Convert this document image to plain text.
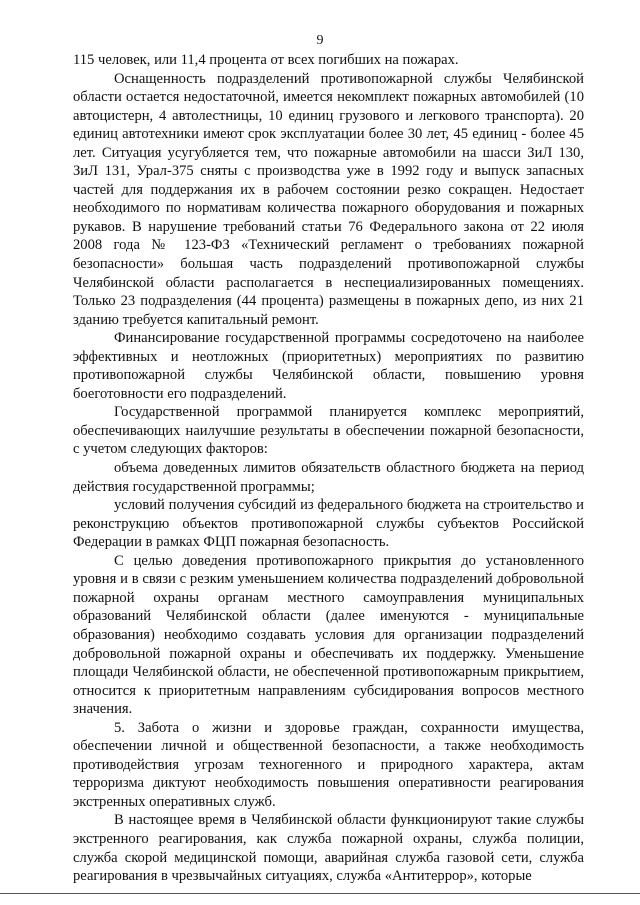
9

115 человек, или 11,4 процента от всех погибших на пожарах.

Оснащенность подразделений противопожарной службы Челябинской области остается недостаточной, имеется некомплект пожарных автомобилей (10 автоцистерн, 4 автолестницы, 10 единиц грузового и легкового транспорта). 20 единиц автотехники имеют срок эксплуатации более 30 лет, 45 единиц - более 45 лет. Ситуация усугубляется тем, что пожарные автомобили на шасси ЗиЛ 130, ЗиЛ 131, Урал-375 сняты с производства уже в 1992 году и выпуск запасных частей для поддержания их в рабочем состоянии резко сокращен. Недостает необходимого по нормативам количества пожарного оборудования и пожарных рукавов. В нарушение требований статьи 76 Федерального закона от 22 июля 2008 года № 123-ФЗ «Технический регламент о требованиях пожарной безопасности» большая часть подразделений противопожарной службы Челябинской области располагается в неспециализированных помещениях. Только 23 подразделения (44 процента) размещены в пожарных депо, из них 21 зданию требуется капитальный ремонт.

Финансирование государственной программы сосредоточено на наиболее эффективных и неотложных (приоритетных) мероприятиях по развитию противопожарной службы Челябинской области, повышению уровня боеготовности его подразделений.

Государственной программой планируется комплекс мероприятий, обеспечивающих наилучшие результаты в обеспечении пожарной безопасности, с учетом следующих факторов:

объема доведенных лимитов обязательств областного бюджета на период действия государственной программы;

условий получения субсидий из федерального бюджета на строительство и реконструкцию объектов противопожарной службы субъектов Российской Федерации в рамках ФЦП пожарная безопасность.

С целью доведения противопожарного прикрытия до установленного уровня и в связи с резким уменьшением количества подразделений добровольной пожарной охраны органам местного самоуправления муниципальных образований Челябинской области (далее именуются - муниципальные образования) необходимо создавать условия для организации подразделений добровольной пожарной охраны и обеспечивать их поддержку. Уменьшение площади Челябинской области, не обеспеченной противопожарным прикрытием, относится к приоритетным направлениям субсидирования вопросов местного значения.

5. Забота о жизни и здоровье граждан, сохранности имущества, обеспечении личной и общественной безопасности, а также необходимость противодействия угрозам техногенного и природного характера, актам терроризма диктуют необходимость повышения оперативности реагирования экстренных оперативных служб.

В настоящее время в Челябинской области функционируют такие службы экстренного реагирования, как служба пожарной охраны, служба полиции, служба скорой медицинской помощи, аварийная служба газовой сети, служба реагирования в чрезвычайных ситуациях, служба «Антитеррор», которые
